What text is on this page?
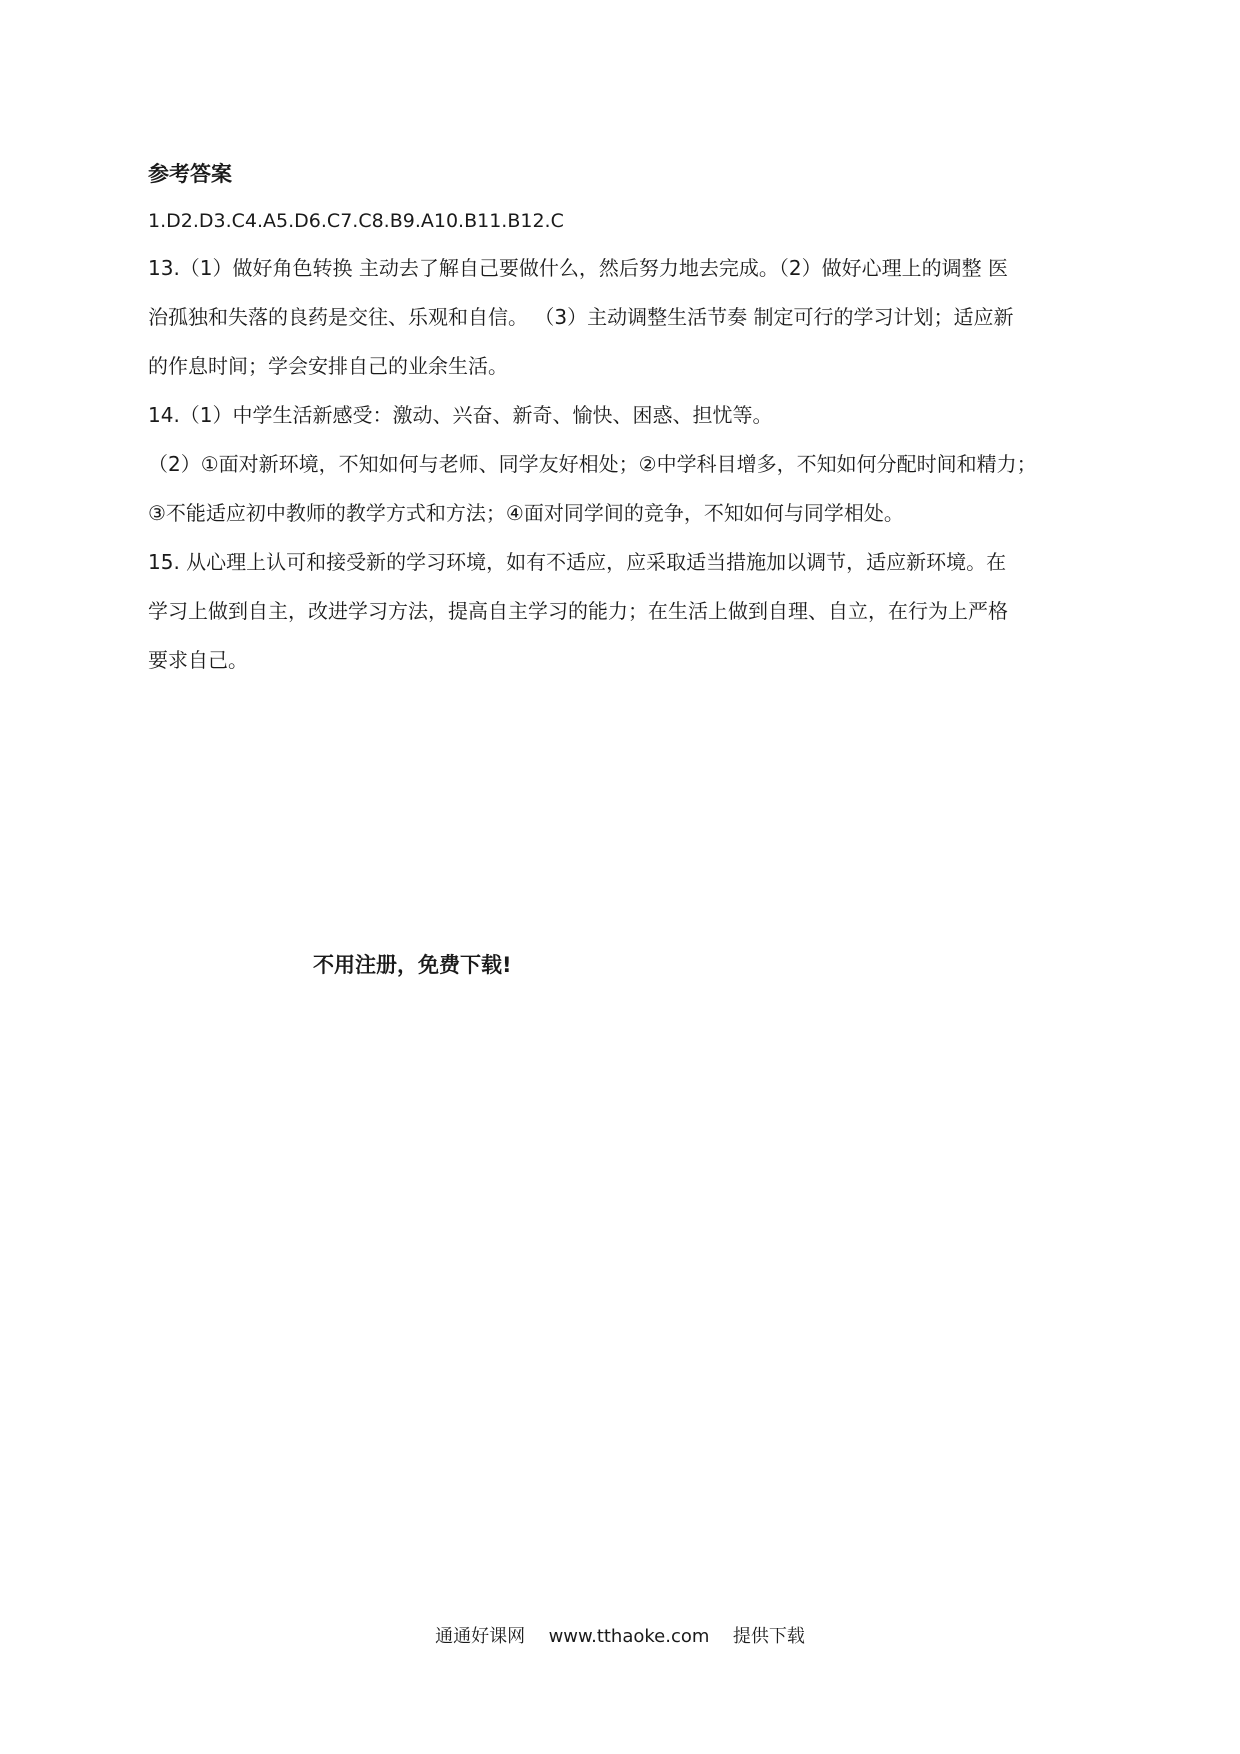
参考答案

1.D2.D3.C4.A5.D6.C7.C8.B9.A10.B11.B12.C

13.（1）做好角色转换 主动去了解自己要做什么，然后努力地去完成。（2）做好心理上的调整 医

治孤独和失落的良药是交往、乐观和自信。 （3）主动调整生活节奏 制定可行的学习计划；适应新

的作息时间；学会安排自己的业余生活。

14.（1）中学生活新感受：激动、兴奋、新奇、愉快、困惑、担忧等。

（2）①面对新环境，不知如何与老师、同学友好相处；②中学科目增多，不知如何分配时间和精力；

③不能适应初中教师的教学方式和方法；④面对同学间的竞争，不知如何与同学相处。

15. 从心理上认可和接受新的学习环境，如有不适应，应采取适当措施加以调节，适应新环境。在

学习上做到自主，改进学习方法，提高自主学习的能力；在生活上做到自理、自立，在行为上严格

要求自己。

不用注册，免费下载!
通通好课网 www.tthaoke.com 提供下载
